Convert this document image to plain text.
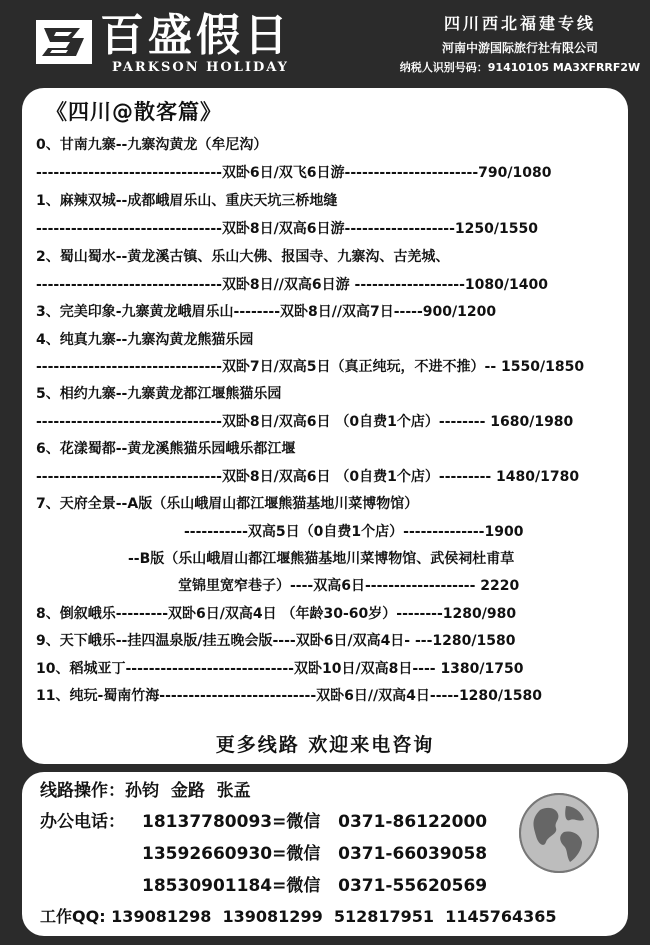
百盛假日
PARKSON HOLIDAY
四川西北福建专线
河南中游国际旅行社有限公司
纳税人识别号码：91410105 MA3XFRRF2W
《四川@散客篇》
0、甘南九寨--九寨沟黄龙（牟尼沟）
--------------------------------双卧6日/双飞6日游-----------------------790/1080
1、麻辣双城--成都峨眉乐山、重庆天坑三桥地缝
--------------------------------双卧8日/双高6日游-------------------1250/1550
2、蜀山蜀水--黄龙溪古镇、乐山大佛、报国寺、九寨沟、古羌城、
--------------------------------双卧8日//双高6日游 -------------------1080/1400
3、完美印象-九寨黄龙峨眉乐山--------双卧8日//双高7日-----900/1200
4、纯真九寨--九寨沟黄龙熊猫乐园
--------------------------------双卧7日/双高5日（真正纯玩，不进不推）-- 1550/1850
5、相约九寨--九寨黄龙都江堰熊猫乐园
--------------------------------双卧8日/双高6日 （0自费1个店）-------- 1680/1980
6、花漾蜀都--黄龙溪熊猫乐园峨乐都江堰
--------------------------------双卧8日/双高6日 （0自费1个店）--------- 1480/1780
7、天府全景--A版（乐山峨眉山都江堰熊猫基地川菜博物馆）
-----------双高5日（0自费1个店）--------------1900
--B版（乐山峨眉山都江堰熊猫基地川菜博物馆、武侯祠杜甫草
堂锦里宽窄巷子）----双高6日------------------- 2220
8、倒叙峨乐---------双卧6日/双高4日 （年龄30-60岁）--------1280/980
9、天下峨乐--挂四温泉版/挂五晚会版----双卧6日/双高4日- ---1280/1580
10、稻城亚丁-----------------------------双卧10日/双高8日---- 1380/1750
11、纯玩-蜀南竹海---------------------------双卧6日//双高4日-----1280/1580
更多线路 欢迎来电咨询
线路操作：孙钧  金路  张孟
办公电话： 18137780093=微信   0371-86122000
13592660930=微信   0371-66039058
18530901184=微信   0371-55620569
工作QQ: 139081298  139081299  512817951  1145764365
